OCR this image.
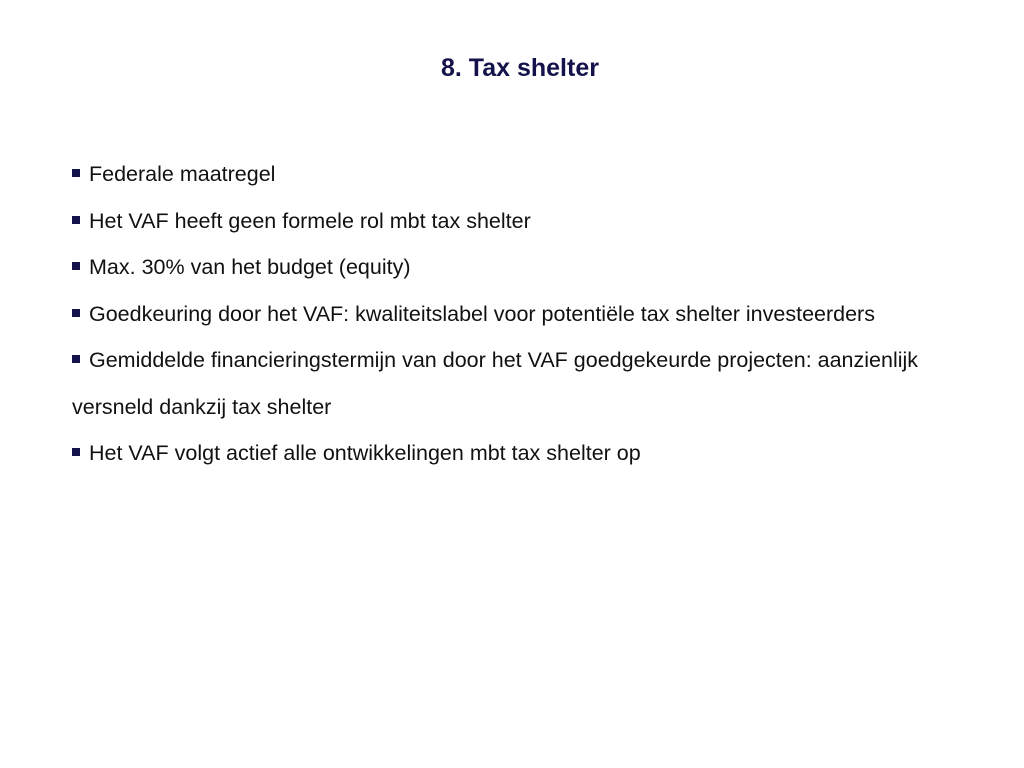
8. Tax shelter
Federale maatregel
Het VAF heeft geen formele rol mbt tax shelter
Max. 30% van het budget (equity)
Goedkeuring door het VAF: kwaliteitslabel voor potentiële tax shelter investeerders
Gemiddelde financieringstermijn van door het VAF goedgekeurde projecten: aanzienlijk versneld dankzij tax shelter
Het VAF volgt actief alle ontwikkelingen mbt tax shelter op
